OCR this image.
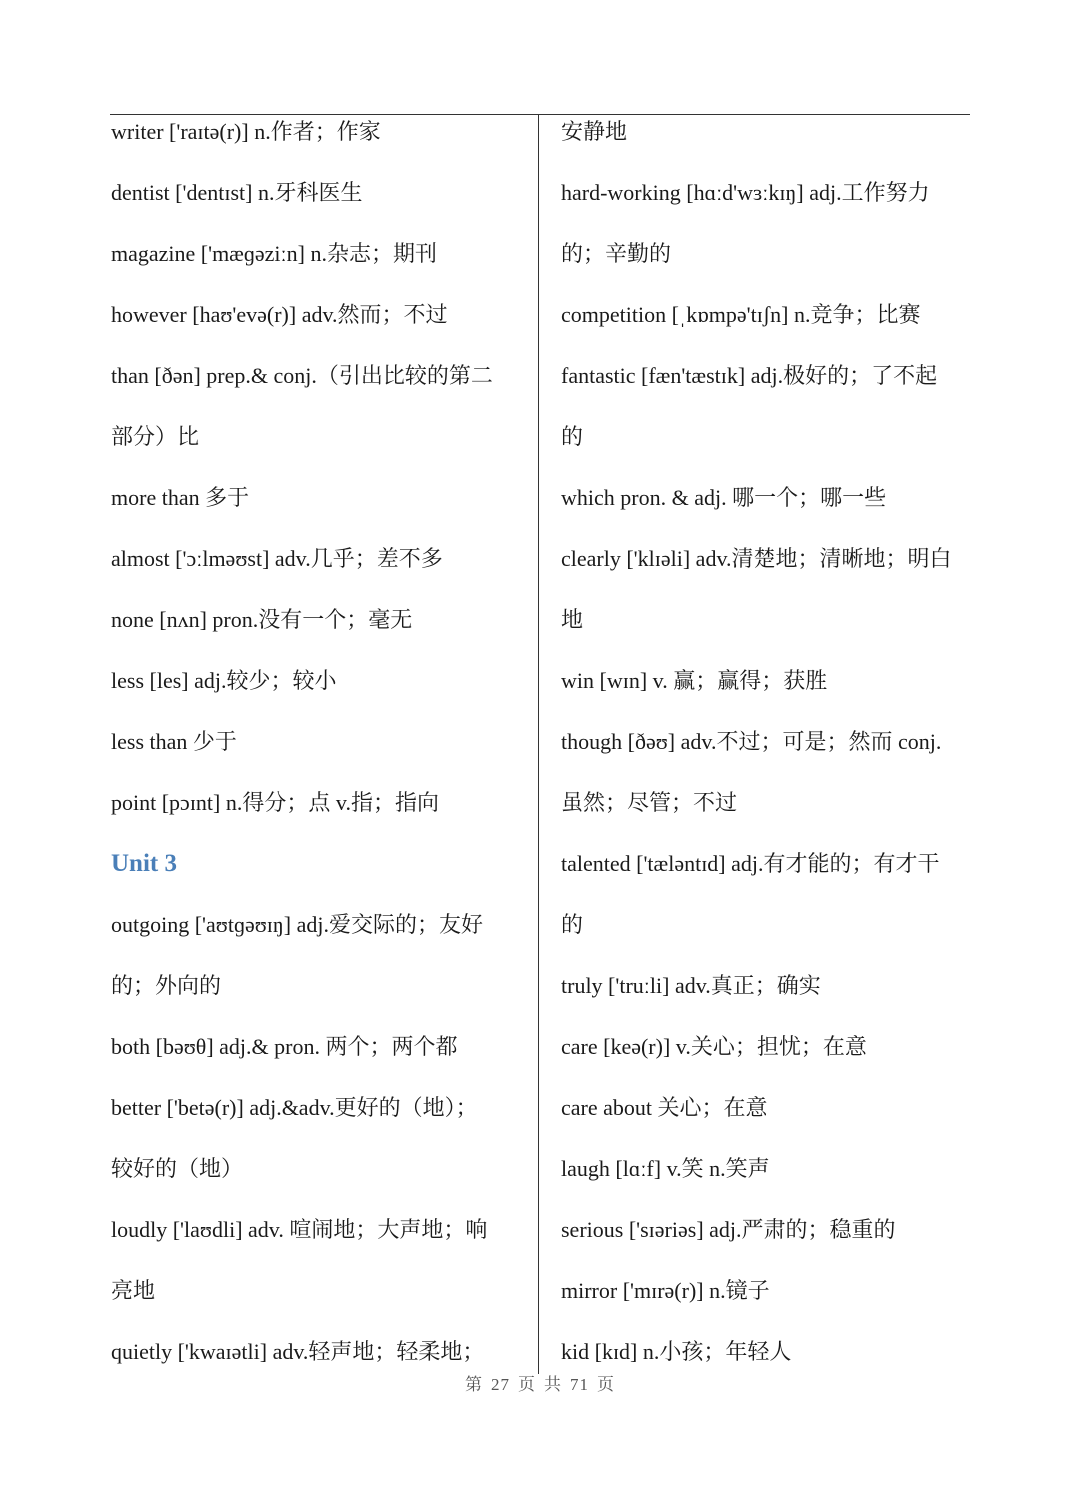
writer ['raɪtə(r)] n.作者；作家
dentist ['dentɪst] n.牙科医生
magazine ['mæɡəziːn] n.杂志；期刊
however [haʊ'evə(r)] adv.然而；不过
than [ðən] prep.& conj.（引出比较的第二
部分）比
more than 多于
almost ['ɔːlməʊst] adv.几乎；差不多
none [nʌn] pron.没有一个；毫无
less [les] adj.较少；较小
less than 少于
point [pɔɪnt] n.得分；点 v.指；指向
Unit 3
outgoing ['aʊtɡəʊɪŋ] adj.爱交际的；友好
的；外向的
both [bəʊθ] adj.& pron. 两个；两个都
better ['betə(r)] adj.&adv.更好的（地）；
较好的（地）
loudly ['laʊdli] adv. 喧闹地；大声地；响
亮地
quietly ['kwaɪətli] adv.轻声地；轻柔地；
安静地
hard-working [hɑːd'wɜːkɪŋ] adj.工作努力
的；辛勤的
competition [ˌkɒmpə'tɪʃn] n.竞争；比赛
fantastic [fæn'tæstɪk] adj.极好的；了不起
的
which pron. & adj. 哪一个；哪一些
clearly ['klɪəli] adv.清楚地；清晰地；明白
地
win [wɪn] v. 赢；赢得；获胜
though [ðəʊ] adv.不过；可是；然而 conj.
虽然；尽管；不过
talented ['tæləntɪd] adj.有才能的；有才干
的
truly ['truːli] adv.真正；确实
care [keə(r)] v.关心；担忧；在意
care about 关心；在意
laugh [lɑːf] v.笑 n.笑声
serious ['sɪəriəs] adj.严肃的；稳重的
mirror ['mɪrə(r)] n.镜子
kid [kɪd] n.小孩；年轻人
第 27 页 共 71 页
